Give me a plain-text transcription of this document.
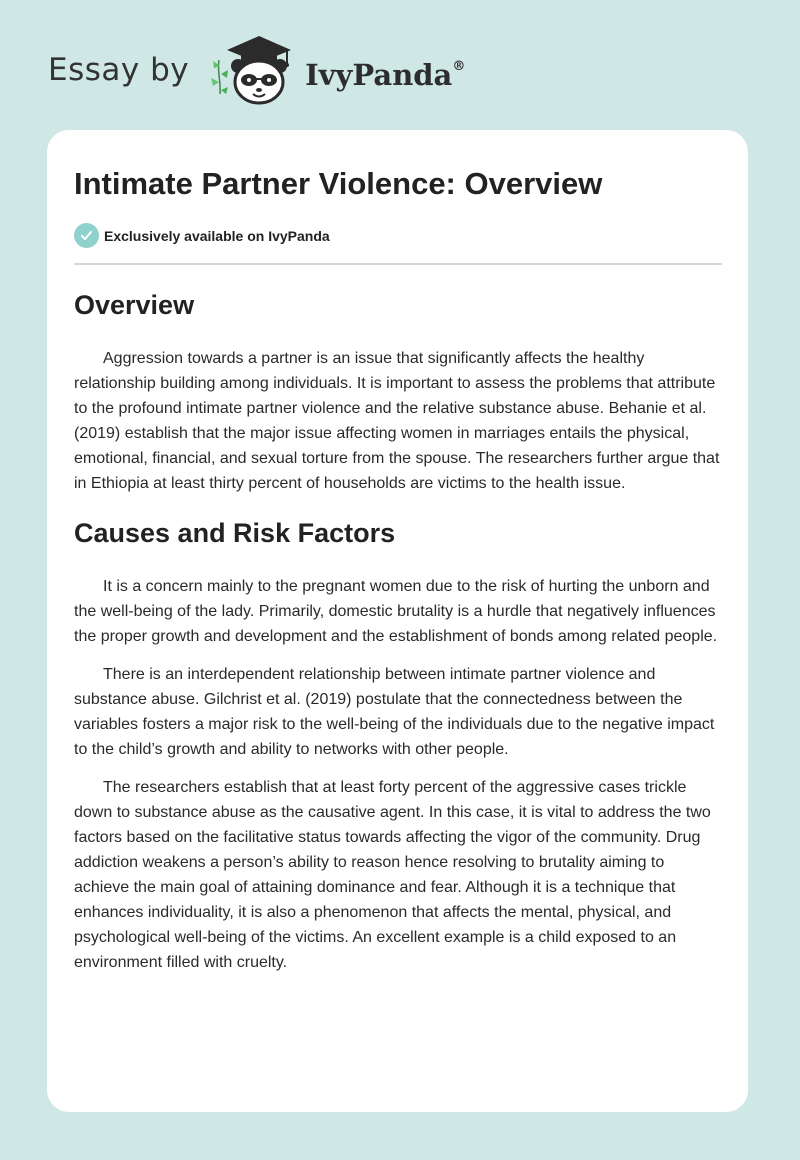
Essay by	IvyPanda®
Intimate Partner Violence: Overview
Exclusively available on IvyPanda
Overview

Aggression towards a partner is an issue that significantly affects the healthy relationship building among individuals. It is important to assess the problems that attribute to the profound intimate partner violence and the relative substance abuse. Behanie et al. (2019) establish that the major issue affecting women in marriages entails the physical, emotional, financial, and sexual torture from the spouse. The researchers further argue that in Ethiopia at least thirty percent of households are victims to the health issue.

Causes and Risk Factors

It is a concern mainly to the pregnant women due to the risk of hurting the unborn and the well-being of the lady. Primarily, domestic brutality is a hurdle that negatively influences the proper growth and development and the establishment of bonds among related people.

There is an interdependent relationship between intimate partner violence and substance abuse. Gilchrist et al. (2019) postulate that the connectedness between the variables fosters a major risk to the well-being of the individuals due to the negative impact to the child’s growth and ability to networks with other people.

The researchers establish that at least forty percent of the aggressive cases trickle down to substance abuse as the causative agent. In this case, it is vital to address the two factors based on the facilitative status towards affecting the vigor of the community. Drug addiction weakens a person’s ability to reason hence resolving to brutality aiming to achieve the main goal of attaining dominance and fear. Although it is a technique that enhances individuality, it is also a phenomenon that affects the mental, physical, and psychological well-being of the victims. An excellent example is a child exposed to an environment filled with cruelty.
